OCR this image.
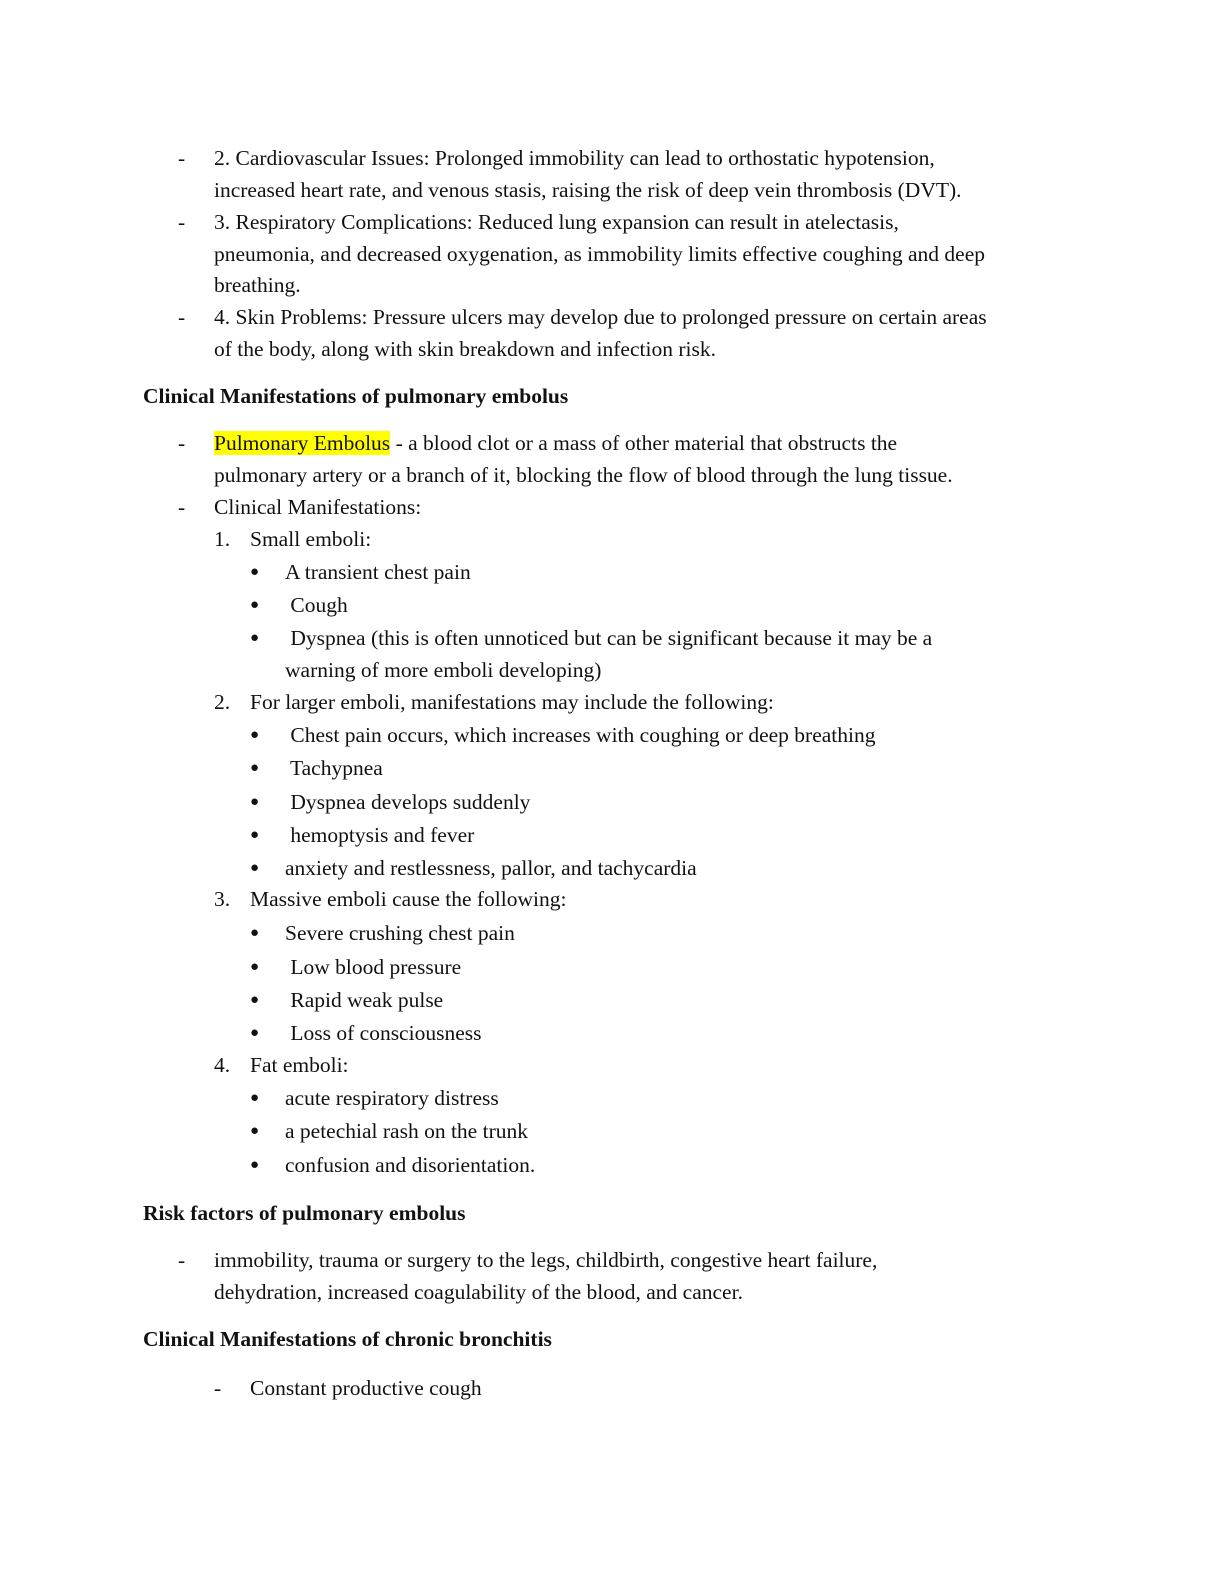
- 2. Cardiovascular Issues: Prolonged immobility can lead to orthostatic hypotension,
increased heart rate, and venous stasis, raising the risk of deep vein thrombosis (DVT).
- 3. Respiratory Complications: Reduced lung expansion can result in atelectasis,
pneumonia, and decreased oxygenation, as immobility limits effective coughing and deep
breathing.
- 4. Skin Problems: Pressure ulcers may develop due to prolonged pressure on certain areas
of the body, along with skin breakdown and infection risk.
Clinical Manifestations of pulmonary embolus
- Pulmonary Embolus - a blood clot or a mass of other material that obstructs the
pulmonary artery or a branch of it, blocking the flow of blood through the lung tissue.
- Clinical Manifestations:
1. Small emboli:
● A transient chest pain
● Cough
● Dyspnea (this is often unnoticed but can be significant because it may be a
warning of more emboli developing)
2. For larger emboli, manifestations may include the following:
● Chest pain occurs, which increases with coughing or deep breathing
● Tachypnea
● Dyspnea develops suddenly
● hemoptysis and fever
● anxiety and restlessness, pallor, and tachycardia
3. Massive emboli cause the following:
● Severe crushing chest pain
● Low blood pressure
● Rapid weak pulse
● Loss of consciousness
4. Fat emboli:
● acute respiratory distress
● a petechial rash on the trunk
● confusion and disorientation.
Risk factors of pulmonary embolus
- immobility, trauma or surgery to the legs, childbirth, congestive heart failure,
dehydration, increased coagulability of the blood, and cancer.
Clinical Manifestations of chronic bronchitis
- Constant productive cough
